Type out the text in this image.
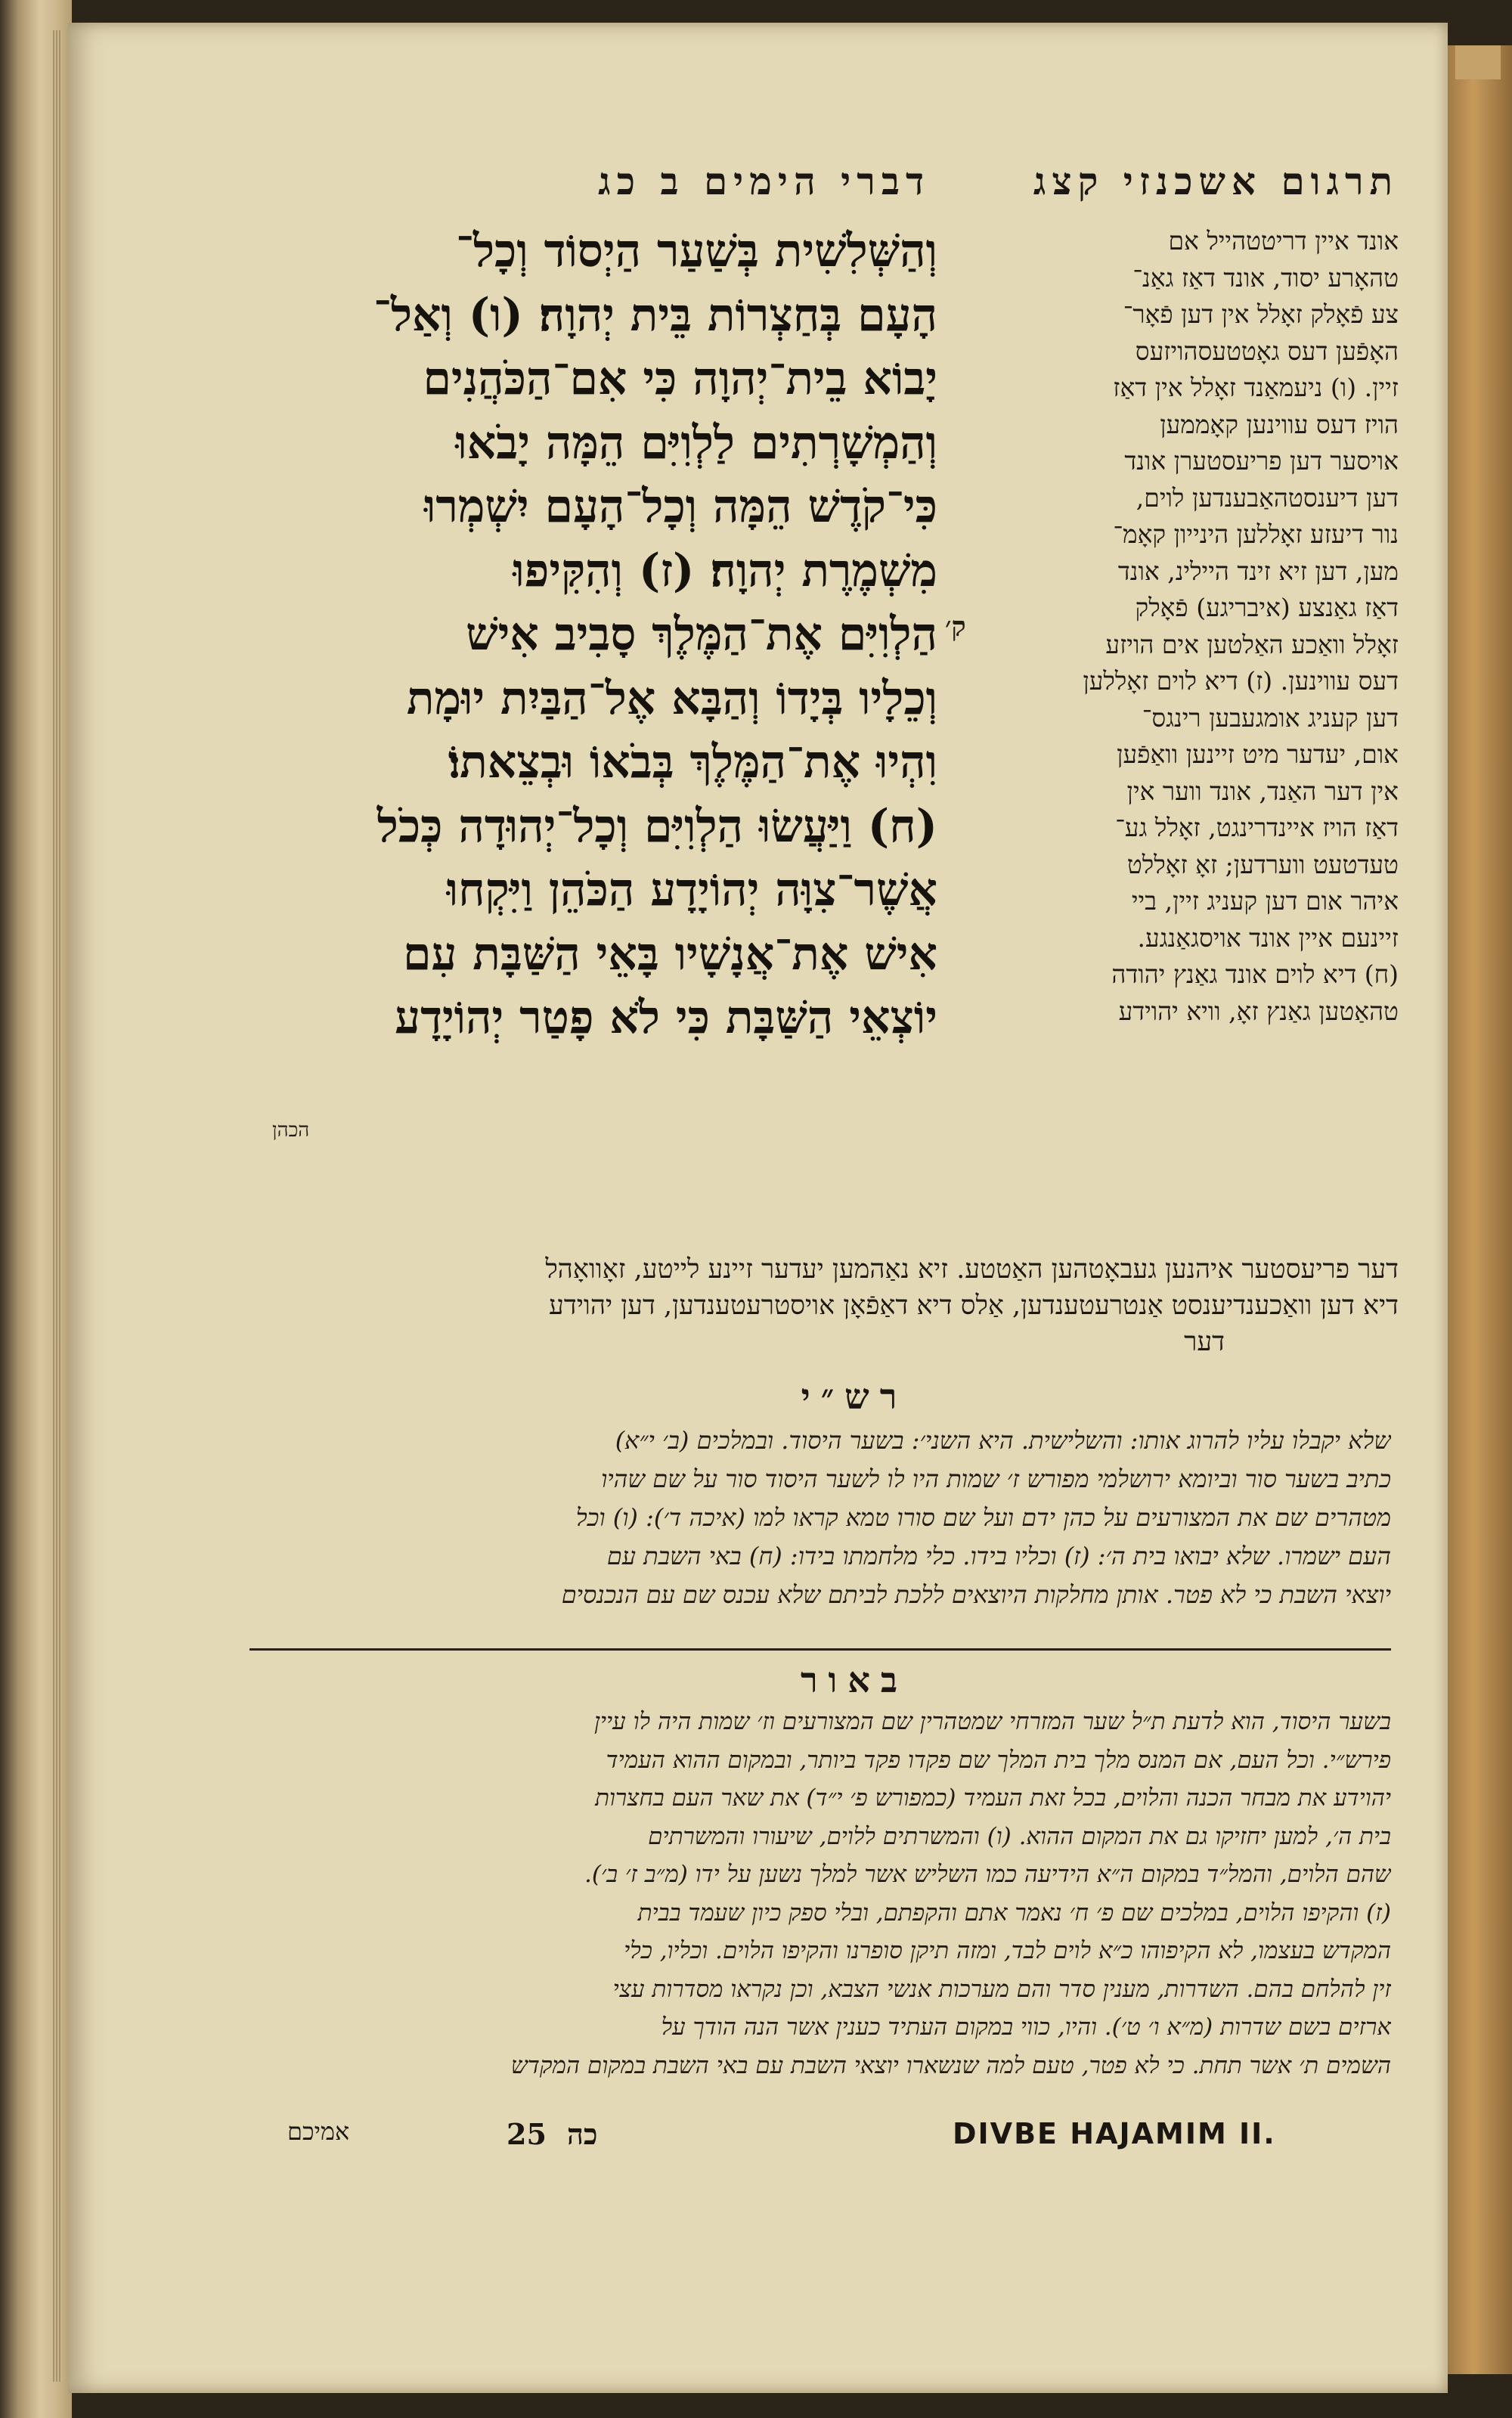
דברי הימים ב כג	תרגום אשכנזי קצג
וְהַשְּׁלִשִׁית בְּשַׁעַר הַיְסוֹד וְכָל־
הָעָם בְּחַצְרוֹת בֵּית יְהוָה׃ (ו) וְאַל־
יָבוֹא בֵית־יְהוָה כִּי אִם־הַכֹּהֲנִים
וְהַמְשָׁרְתִים לַלְוִיִּם הֵמָּה יָבֹאוּ
כִּי־קֹדֶשׁ הֵמָּה וְכָל־הָעָם יִשְׁמְרוּ
מִשְׁמֶרֶת יְהוָה׃ (ז) וְהִקִּיפוּ
הַלְוִיִּם אֶת־הַמֶּלֶךְ סָבִיב אִישׁ
וְכֵלָיו בְּיָדוֹ וְהַבָּא אֶל־הַבַּיִת יוּמָת
וִהְיוּ אֶת־הַמֶּלֶךְ בְּבֹאוֹ וּבְצֵאתוֹ׃
(ח) וַיַּעֲשׂוּ הַלְוִיִּם וְכָל־יְהוּדָה כְּכֹל
אֲשֶׁר־צִוָּה יְהוֹיָדָע הַכֹּהֵן וַיִּקְחוּ
אִישׁ אֶת־אֲנָשָׁיו בָּאֵי הַשַּׁבָּת עִם
יוֹצְאֵי הַשַּׁבָּת כִּי לֹא פָטַר יְהוֹיָדָע
ק׳
הכהן
אונד איין דריטטהייל אם
טהאָרע יסוד, אונד דאַז גאַנ־
צע פֿאָלק זאָלל אין דען פֿאָר־
האָפֿען דעס גאָטטעסהויזעס
זיין. (ו) ניעמאַנד זאָלל אין דאַז
הויז דעס עווינען קאָממען
אויסער דען פריעסטערן אונד
דען דיענסטהאַבענדען לוים,
נור דיעזע זאָללען הינייון קאָמ־
מען, דען זיא זינד היילינ, אונד
דאַז גאַנצע (איבריגע) פֿאָלק
זאָלל וואַכע האַלטען אים הויזע
דעס עווינען. (ז) דיא לוים זאָללען
דען קעניג אומגעבען רינגס־
אום, יעדער מיט זיינען וואַפֿען
אין דער האַנד, אונד ווער אין
דאַז הויז איינדרינגט, זאָלל גע־
טעדטעט ווערדען; זאָ זאָללט
איהר אום דען קעניג זיין, ביי
זיינעם איין אונד אויסגאַנגע.
(ח) דיא לוים אונד גאַנץ יהודה
טהאַטען גאַנץ זאָ, וויא יהוידע
דער פריעסטער איהנען געבאָטהען האַטטע. זיא נאַהמען יעדער זיינע לייטע, זאָוואָהל
דיא דען וואַכענדיענסט אַנטרעטענדען, אַלס דיא דאַפֿאָן אויסטרעטענדען, דען יהוידע
דער
רש״י
שלא יקבלו עליו להרוג אותו: והשלישית. היא השני׳: בשער היסוד. ובמלכים (ב׳ י״א)
כתיב בשער סור וביומא ירושלמי מפורש ז׳ שמות היו לו לשער היסוד סור על שם שהיו
מטהרים שם את המצורעים על כהן ידם ועל שם סורו טמא קראו למו (איכה ד׳): (ו) וכל
העם ישמרו. שלא יבואו בית ה׳: (ז) וכליו בידו. כלי מלחמתו בידו: (ח) באי השבת עם
יוצאי השבת כי לא פטר. אותן מחלקות היוצאים ללכת לביתם שלא עכנס שם עם הנכנסים
באור
בשער היסוד, הוא לדעת ת״ל שער המזרחי שמטהרין שם המצורעים וז׳ שמות היה לו עיין
פירש״י. וכל העם, אם המנס מלך בית המלך שם פקדו פקד ביותר, ובמקום ההוא העמיד
יהוידע את מבחר הכנה והלוים, בכל זאת העמיד (כמפורש פ׳ י״ד) את שאר העם בחצרות
בית ה׳, למען יחזיקו גם את המקום ההוא. (ו) והמשרתים ללוים, שיעורו והמשרתים
שהם הלוים, והמל״ד במקום ה״א הידיעה כמו השליש אשר למלך נשען על ידו (מ״ב ז׳ ב׳).
(ז) והקיפו הלוים, במלכים שם פ׳ ח׳ נאמר אתם והקפתם, ובלי ספק כיון שעמד בבית
המקדש בעצמו, לא הקיפוהו כ״א לוים לבד, ומזה תיקן סופרנו והקיפו הלוים. וכליו, כלי
זין להלחם בהם. השדרות, מענין סדר והם מערכות אנשי הצבא, וכן נקראו מסדרות עצי
ארזים בשם שדרות (מ״א ו׳ ט׳). והיו, כווי במקום העתיד כענין אשר הנה הודך על
השמים ת׳ אשר תחת. כי לא פטר, טעם למה שנשארו יוצאי השבת עם באי השבת במקום המקדש
אמיכם	25 כה	DIVBE HAJAMIM II.
